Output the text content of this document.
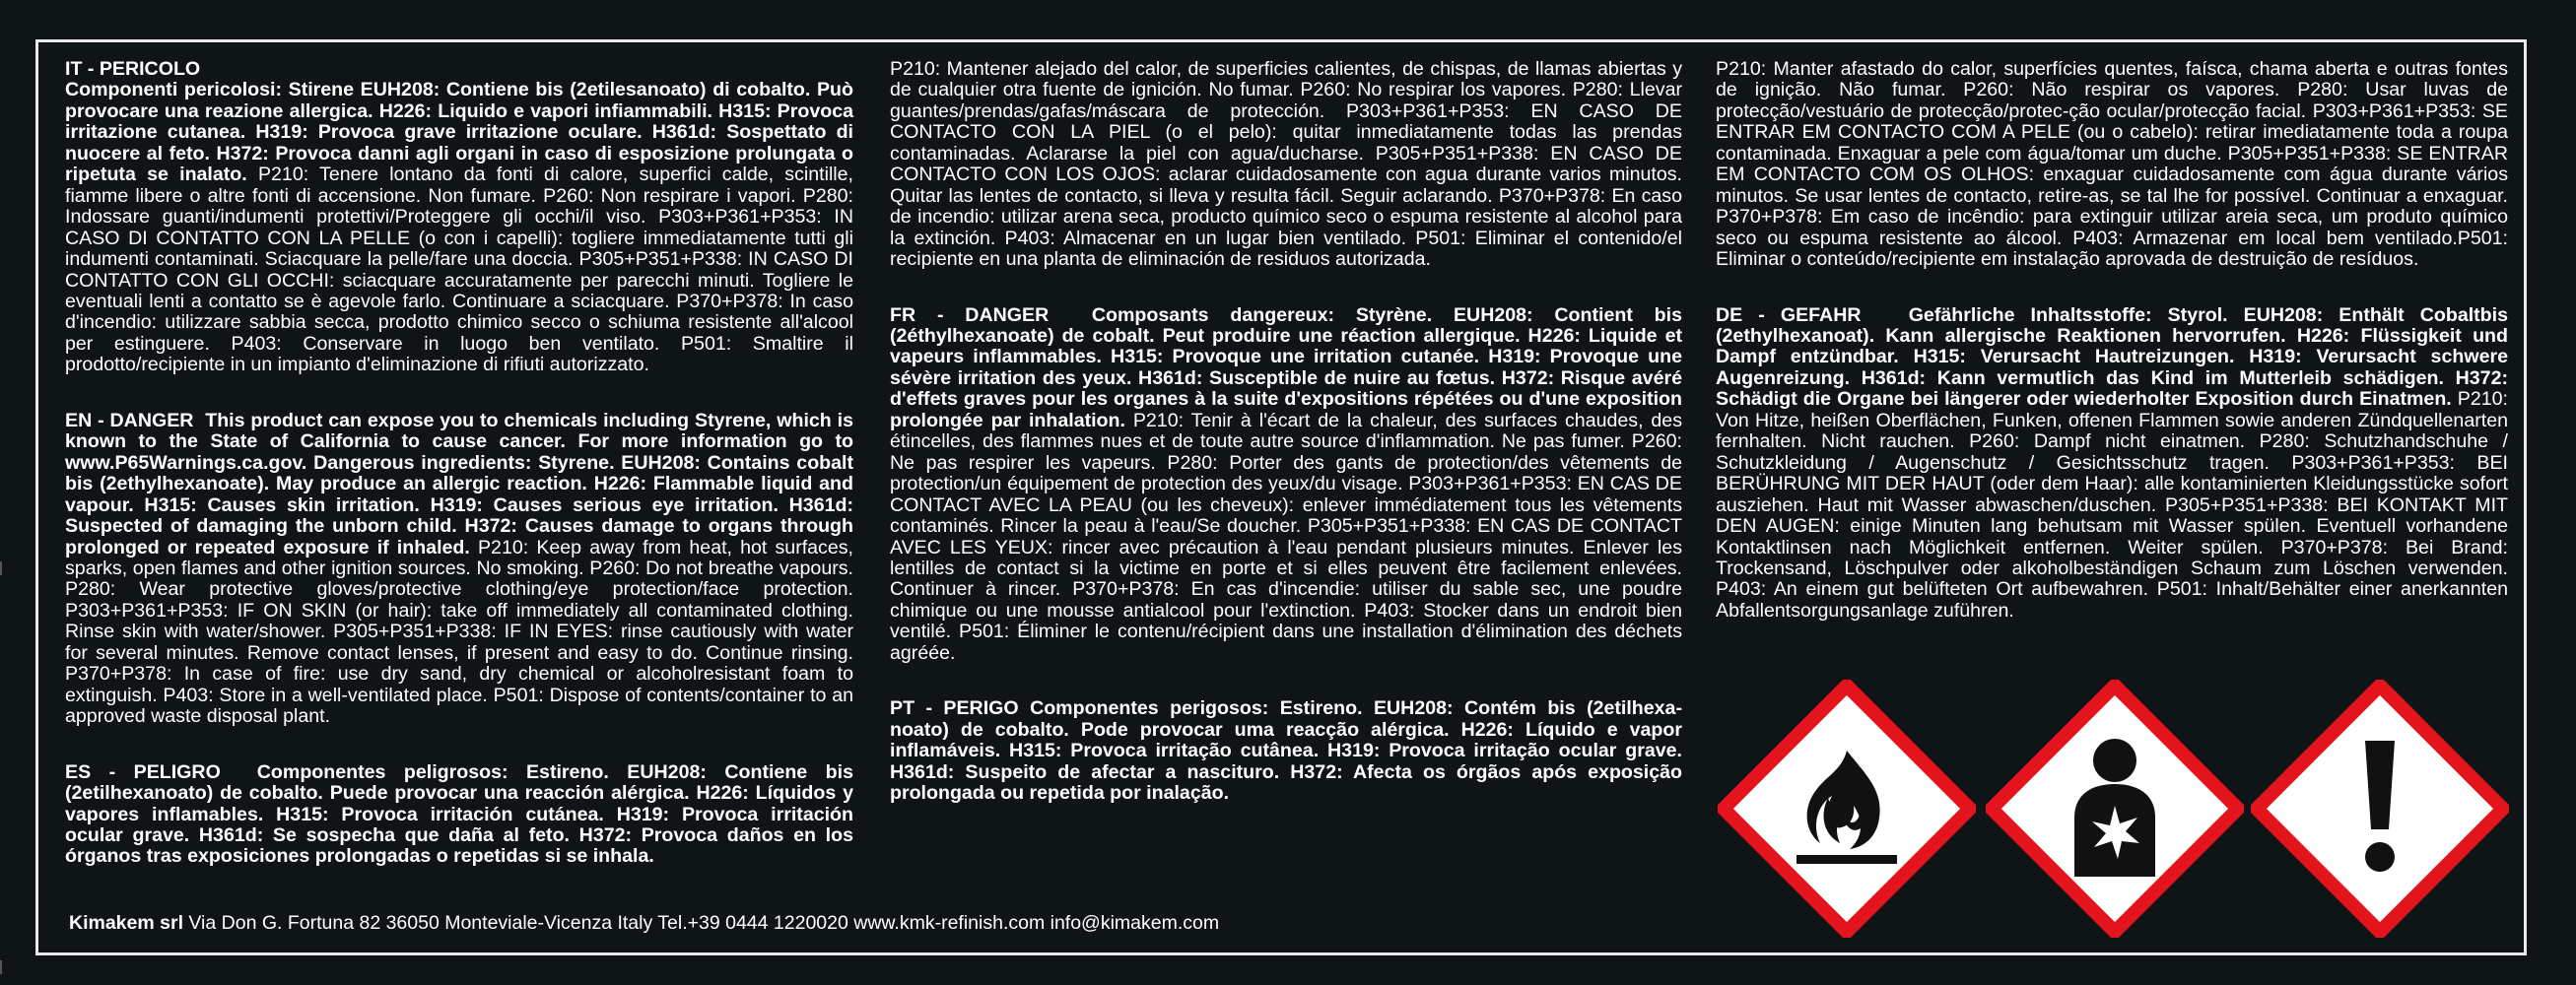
IT - PERICOLO
Componenti pericolosi: Stirene EUH208: Contiene bis (2etilesanoato) di cobalto. Può provocare una reazione allergica. H226: Liquido e vapori infiammabili. H315: Provoca irritazione cutanea. H319: Provoca grave irritazione oculare. H361d: Sospettato di nuocere al feto. H372: Provoca danni agli organi in caso di esposizione prolungata o ripetuta se inalato. P210: Tenere lontano da fonti di calore, superfici calde, scintille, fiamme libere o altre fonti di accensione. Non fumare. P260: Non respirare i vapori. P280: Indossare guanti/indumenti protettivi/Proteggere gli occhi/il viso. P303+P361+P353: IN CASO DI CONTATTO CON LA PELLE (o con i capelli): togliere immediatamente tutti gli indumenti contaminati. Sciacquare la pelle/fare una doccia. P305+P351+P338: IN CASO DI CONTATTO CON GLI OCCHI: sciacquare accuratamente per parecchi minuti. Togliere le eventuali lenti a contatto se è agevole farlo. Continuare a sciacquare. P370+P378: In caso d'incendio: utilizzare sabbia secca, prodotto chimico secco o schiuma resistente all'alcool per estinguere. P403: Conservare in luogo ben ventilato. P501: Smaltire il prodotto/recipiente in un impianto d'eliminazione di rifiuti autorizzato.

EN - DANGER This product can expose you to chemicals including Styrene, which is known to the State of California to cause cancer. For more information go to www.P65Warnings.ca.gov. Dangerous ingredients: Styrene. EUH208: Contains cobalt bis (2ethylhexanoate). May produce an allergic reaction. H226: Flammable liquid and vapour. H315: Causes skin irritation. H319: Causes serious eye irritation. H361d: Suspected of damaging the unborn child. H372: Causes damage to organs through prolonged or repeated exposure if inhaled. P210: Keep away from heat, hot surfaces, sparks, open flames and other ignition sources. No smoking. P260: Do not breathe vapours. P280: Wear protective gloves/protective clothing/eye protection/face protection. P303+P361+P353: IF ON SKIN (or hair): take off immediately all contaminated clothing. Rinse skin with water/shower. P305+P351+P338: IF IN EYES: rinse cautiously with water for several minutes. Remove contact lenses, if present and easy to do. Continue rinsing. P370+P378: In case of fire: use dry sand, dry chemical or alcoholresistant foam to extinguish. P403: Store in a well-ventilated place. P501: Dispose of contents/container to an approved waste disposal plant.

ES - PELIGRO Componentes peligrosos: Estireno. EUH208: Contiene bis (2etilhexanoato) de cobalto. Puede provocar una reacción alérgica. H226: Líquidos y vapores inflamables. H315: Provoca irritación cutánea. H319: Provoca irritación ocular grave. H361d: Se sospecha que daña al feto. H372: Provoca daños en los órganos tras exposiciones prolongadas o repetidas si se inhala.

P210: Mantener alejado del calor, de superficies calientes, de chispas, de llamas abiertas y de cualquier otra fuente de ignición. No fumar. P260: No respirar los vapores. P280: Llevar guantes/prendas/gafas/máscara de protección. P303+P361+P353: EN CASO DE CONTACTO CON LA PIEL (o el pelo): quitar inmediatamente todas las prendas contaminadas. Aclararse la piel con agua/ducharse. P305+P351+P338: EN CASO DE CONTACTO CON LOS OJOS: aclarar cuidadosamente con agua durante varios minutos. Quitar las lentes de contacto, si lleva y resulta fácil. Seguir aclarando. P370+P378: En caso de incendio: utilizar arena seca, producto químico seco o espuma resistente al alcohol para la extinción. P403: Almacenar en un lugar bien ventilado. P501: Eliminar el contenido/el recipiente en una planta de eliminación de residuos autorizada.

FR - DANGER Composants dangereux: Styrène. EUH208: Contient bis (2éthylhexanoate) de cobalt. Peut produire une réaction allergique. H226: Liquide et vapeurs inflammables. H315: Provoque une irritation cutanée. H319: Provoque une sévère irritation des yeux. H361d: Susceptible de nuire au fœtus. H372: Risque avéré d'effets graves pour les organes à la suite d'expositions répétées ou d'une exposition prolongée par inhalation. P210: Tenir à l'écart de la chaleur, des surfaces chaudes, des étincelles, des flammes nues et de toute autre source d'inflammation. Ne pas fumer. P260: Ne pas respirer les vapeurs. P280: Porter des gants de protection/des vêtements de protection/un équipement de protection des yeux/du visage. P303+P361+P353: EN CAS DE CONTACT AVEC LA PEAU (ou les cheveux): enlever immédiatement tous les vêtements contaminés. Rincer la peau à l'eau/Se doucher. P305+P351+P338: EN CAS DE CONTACT AVEC LES YEUX: rincer avec précaution à l'eau pendant plusieurs minutes. Enlever les lentilles de contact si la victime en porte et si elles peuvent être facilement enlevées. Continuer à rincer. P370+P378: En cas d'incendie: utiliser du sable sec, une poudre chimique ou une mousse antialcool pour l'extinction. P403: Stocker dans un endroit bien ventilé. P501: Éliminer le contenu/récipient dans une installation d'élimination des déchets agréée.

PT - PERIGO Componentes perigosos: Estireno. EUH208: Contém bis (2etilhexa-noato) de cobalto. Pode provocar uma reacção alérgica. H226: Líquido e vapor inflamáveis. H315: Provoca irritação cutânea. H319: Provoca irritação ocular grave. H361d: Suspeito de afectar a nascituro. H372: Afecta os órgãos após exposição prolongada ou repetida por inalação.

P210: Manter afastado do calor, superfícies quentes, faísca, chama aberta e outras fontes de ignição. Não fumar. P260: Não respirar os vapores. P280: Usar luvas de protecção/vestuário de protecção/protec-ção ocular/protecção facial. P303+P361+P353: SE ENTRAR EM CONTACTO COM A PELE (ou o cabelo): retirar imediatamente toda a roupa contaminada. Enxaguar a pele com água/tomar um duche. P305+P351+P338: SE ENTRAR EM CONTACTO COM OS OLHOS: enxaguar cuidadosamente com água durante vários minutos. Se usar lentes de contacto, retire-as, se tal lhe for possível. Continuar a enxaguar. P370+P378: Em caso de incêndio: para extinguir utilizar areia seca, um produto químico seco ou espuma resistente ao álcool. P403: Armazenar em local bem ventilado.P501: Eliminar o conteúdo/recipiente em instalação aprovada de destruição de resíduos.

DE - GEFAHR Gefährliche Inhaltsstoffe: Styrol. EUH208: Enthält Cobaltbis (2ethylhexanoat). Kann allergische Reaktionen hervorrufen. H226: Flüssigkeit und Dampf entzündbar. H315: Verursacht Hautreizungen. H319: Verursacht schwere Augenreizung. H361d: Kann vermutlich das Kind im Mutterleib schädigen. H372: Schädigt die Organe bei längerer oder wiederholter Exposition durch Einatmen. P210: Von Hitze, heißen Oberflächen, Funken, offenen Flammen sowie anderen Zündquellenarten fernhalten. Nicht rauchen. P260: Dampf nicht einatmen. P280: Schutzhandschuhe / Schutzkleidung / Augenschutz / Gesichtsschutz tragen. P303+P361+P353: BEI BERÜHRUNG MIT DER HAUT (oder dem Haar): alle kontaminierten Kleidungsstücke sofort ausziehen. Haut mit Wasser abwaschen/duschen. P305+P351+P338: BEI KONTAKT MIT DEN AUGEN: einige Minuten lang behutsam mit Wasser spülen. Eventuell vorhandene Kontaktlinsen nach Möglichkeit entfernen. Weiter spülen. P370+P378: Bei Brand: Trockensand, Löschpulver oder alkoholbeständigen Schaum zum Löschen verwenden. P403: An einem gut belüfteten Ort aufbewahren. P501: Inhalt/Behälter einer anerkannten Abfallentsorgungsanlage zuführen.

Kimakem srl Via Don G. Fortuna 82 36050 Monteviale-Vicenza Italy Tel.+39 0444 1220020 www.kmk-refinish.com info@kimakem.com
